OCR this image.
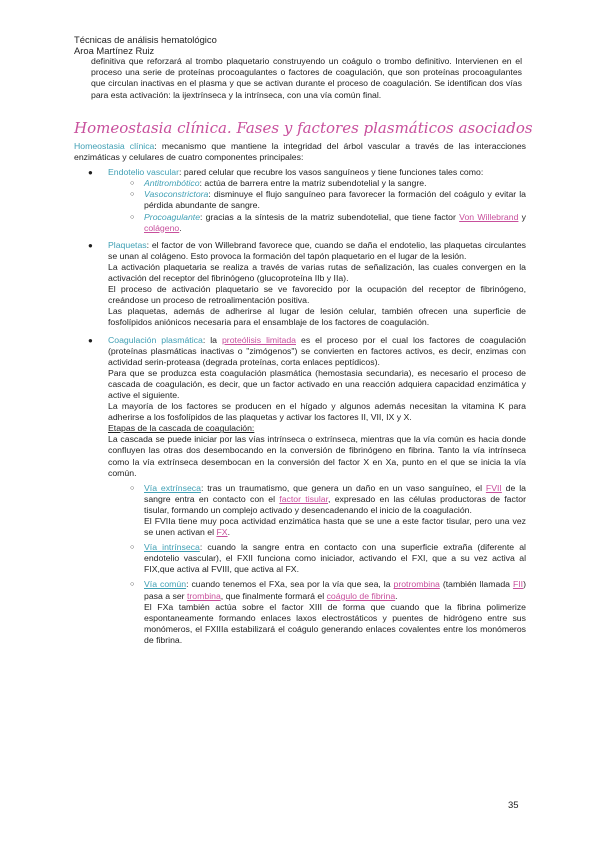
Técnicas de análisis hematológico
Aroa Martínez Ruiz

definitiva que reforzará al trombo plaquetario construyendo un coágulo o trombo definitivo. Intervienen en el proceso una serie de proteínas procoagulantes o factores de coagulación, que son proteínas procoagulantes que circulan inactivas en el plasma y que se activan durante el proceso de coagulación. Se identifican dos vías para esta activación: la ijextrínseca y la intrínseca, con una vía común final.

Homeostasia clínica. Fases y factores plasmáticos asociados

Homeostasia clínica: mecanismo que mantiene la integridad del árbol vascular a través de las interacciones enzimáticas y celulares de cuatro componentes principales:

● Endotelio vascular: pared celular que recubre los vasos sanguíneos y tiene funciones tales como:

○ Antitrombótico: actúa de barrera entre la matriz subendotelial y la sangre.

○ Vasoconstrictora: disminuye el flujo sanguíneo para favorecer la formación del coágulo y evitar la pérdida abundante de sangre.

○ Procoagulante: gracias a la síntesis de la matriz subendotelial, que tiene factor Von Willebrand y colágeno.

● Plaquetas: el factor de von Willebrand favorece que, cuando se daña el endotelio, las plaquetas circulantes se unan al colágeno. Esto provoca la formación del tapón plaquetario en el lugar de la lesión.

La activación plaquetaria se realiza a través de varias rutas de señalización, las cuales convergen en la activación del receptor del fibrinógeno (glucoproteína IIb y IIa).

El proceso de activación plaquetario se ve favorecido por la ocupación del receptor de fibrinógeno, creándose un proceso de retroalimentación positiva.

Las plaquetas, además de adherirse al lugar de lesión celular, también ofrecen una superficie de fosfolípidos aniónicos necesaria para el ensamblaje de los factores de coagulación.

● Coagulación plasmática: la proteólisis limitada es el proceso por el cual los factores de coagulación (proteínas plasmáticas inactivas o "zimógenos") se convierten en factores activos, es decir, enzimas con actividad serin-proteasa (degrada proteínas, corta enlaces peptídicos).

Para que se produzca esta coagulación plasmática (hemostasia secundaria), es necesario el proceso de cascada de coagulación, es decir, que un factor activado en una reacción adquiera capacidad enzimática y active el siguiente.

La mayoría de los factores se producen en el hígado y algunos además necesitan la vitamina K para adherirse a los fosfolípidos de las plaquetas y activar los factores II, VII, IX y X.

Etapas de la cascada de coagulación:

La cascada se puede iniciar por las vías intrínseca o extrínseca, mientras que la vía común es hacia donde confluyen las otras dos desembocando en la conversión de fibrinógeno en fibrina. Tanto la vía intrínseca como la vía extrínseca desembocan en la conversión del factor X en Xa, punto en el que se inicia la vía común.

○ Vía extrínseca: tras un traumatismo, que genera un daño en un vaso sanguíneo, el FVII de la sangre entra en contacto con el factor tisular, expresado en las células productoras de factor tisular, formando un complejo activado y desencadenando el inicio de la coagulación.

El FVIIa tiene muy poca actividad enzimática hasta que se une a este factor tisular, pero una vez se unen activan el FX.

○ Vía intrínseca: cuando la sangre entra en contacto con una superficie extraña (diferente al endotelio vascular), el FXII funciona como iniciador, activando el FXI, que a su vez activa al FIX,que activa al FVIII, que activa al FX.

○ Vía común: cuando tenemos el FXa, sea por la vía que sea, la protrombina (también llamada FII) pasa a ser trombina, que finalmente formará el coágulo de fibrina.

El FXa también actúa sobre el factor XIII de forma que cuando que la fibrina polimerize espontaneamente formando enlaces laxos electrostáticos y puentes de hidrógeno entre sus monómeros, el FXIIIa estabilizará el coágulo generando enlaces covalentes entre los monómeros de fibrina.

35
